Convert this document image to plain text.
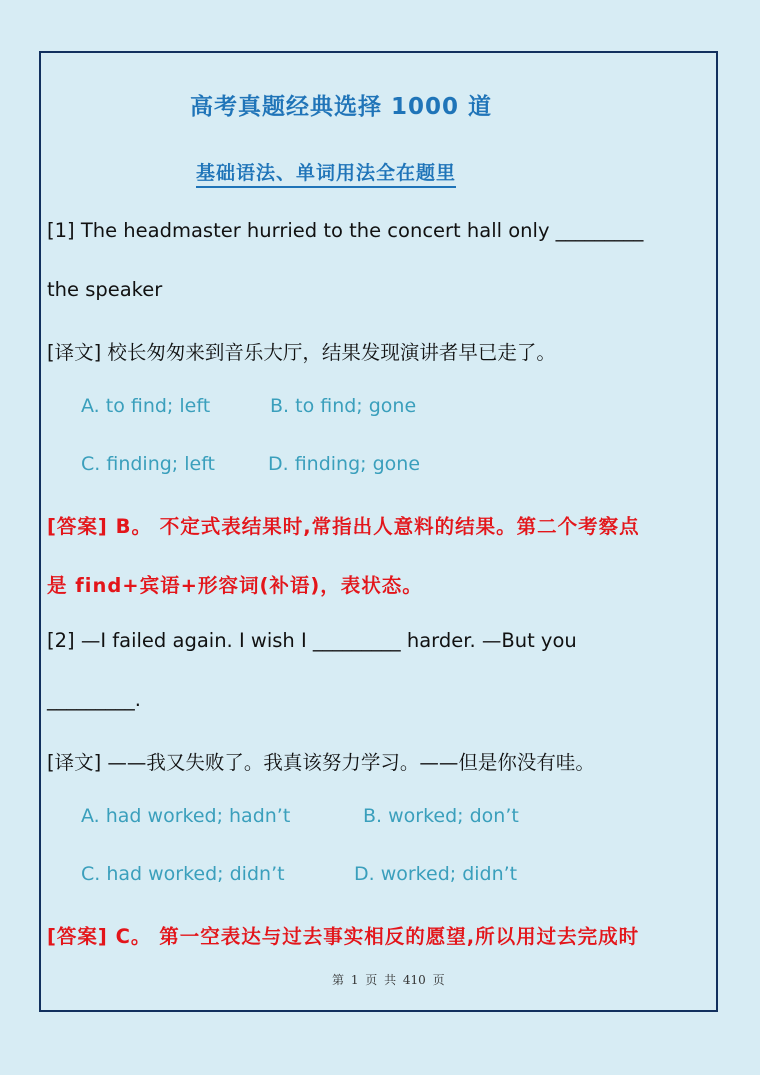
高考真题经典选择 1000 道
基础语法、单词用法全在题里
[1] The headmaster hurried to the concert hall only _________
the speaker
[译文] 校长匆匆来到音乐大厅，结果发现演讲者早已走了。
A. to find; left	B. to find; gone
C. finding; left	D. finding; gone
[答案] B。 不定式表结果时,常指出人意料的结果。第二个考察点
是 find+宾语+形容词(补语)，表状态。
[2] —I failed again. I wish I _________ harder. —But you
_________.
[译文] ——我又失败了。我真该努力学习。——但是你没有哇。
A. had worked; hadn’t	B. worked; don’t
C. had worked; didn’t	D. worked; didn’t
[答案] C。 第一空表达与过去事实相反的愿望,所以用过去完成时
第 1 页 共 410 页
